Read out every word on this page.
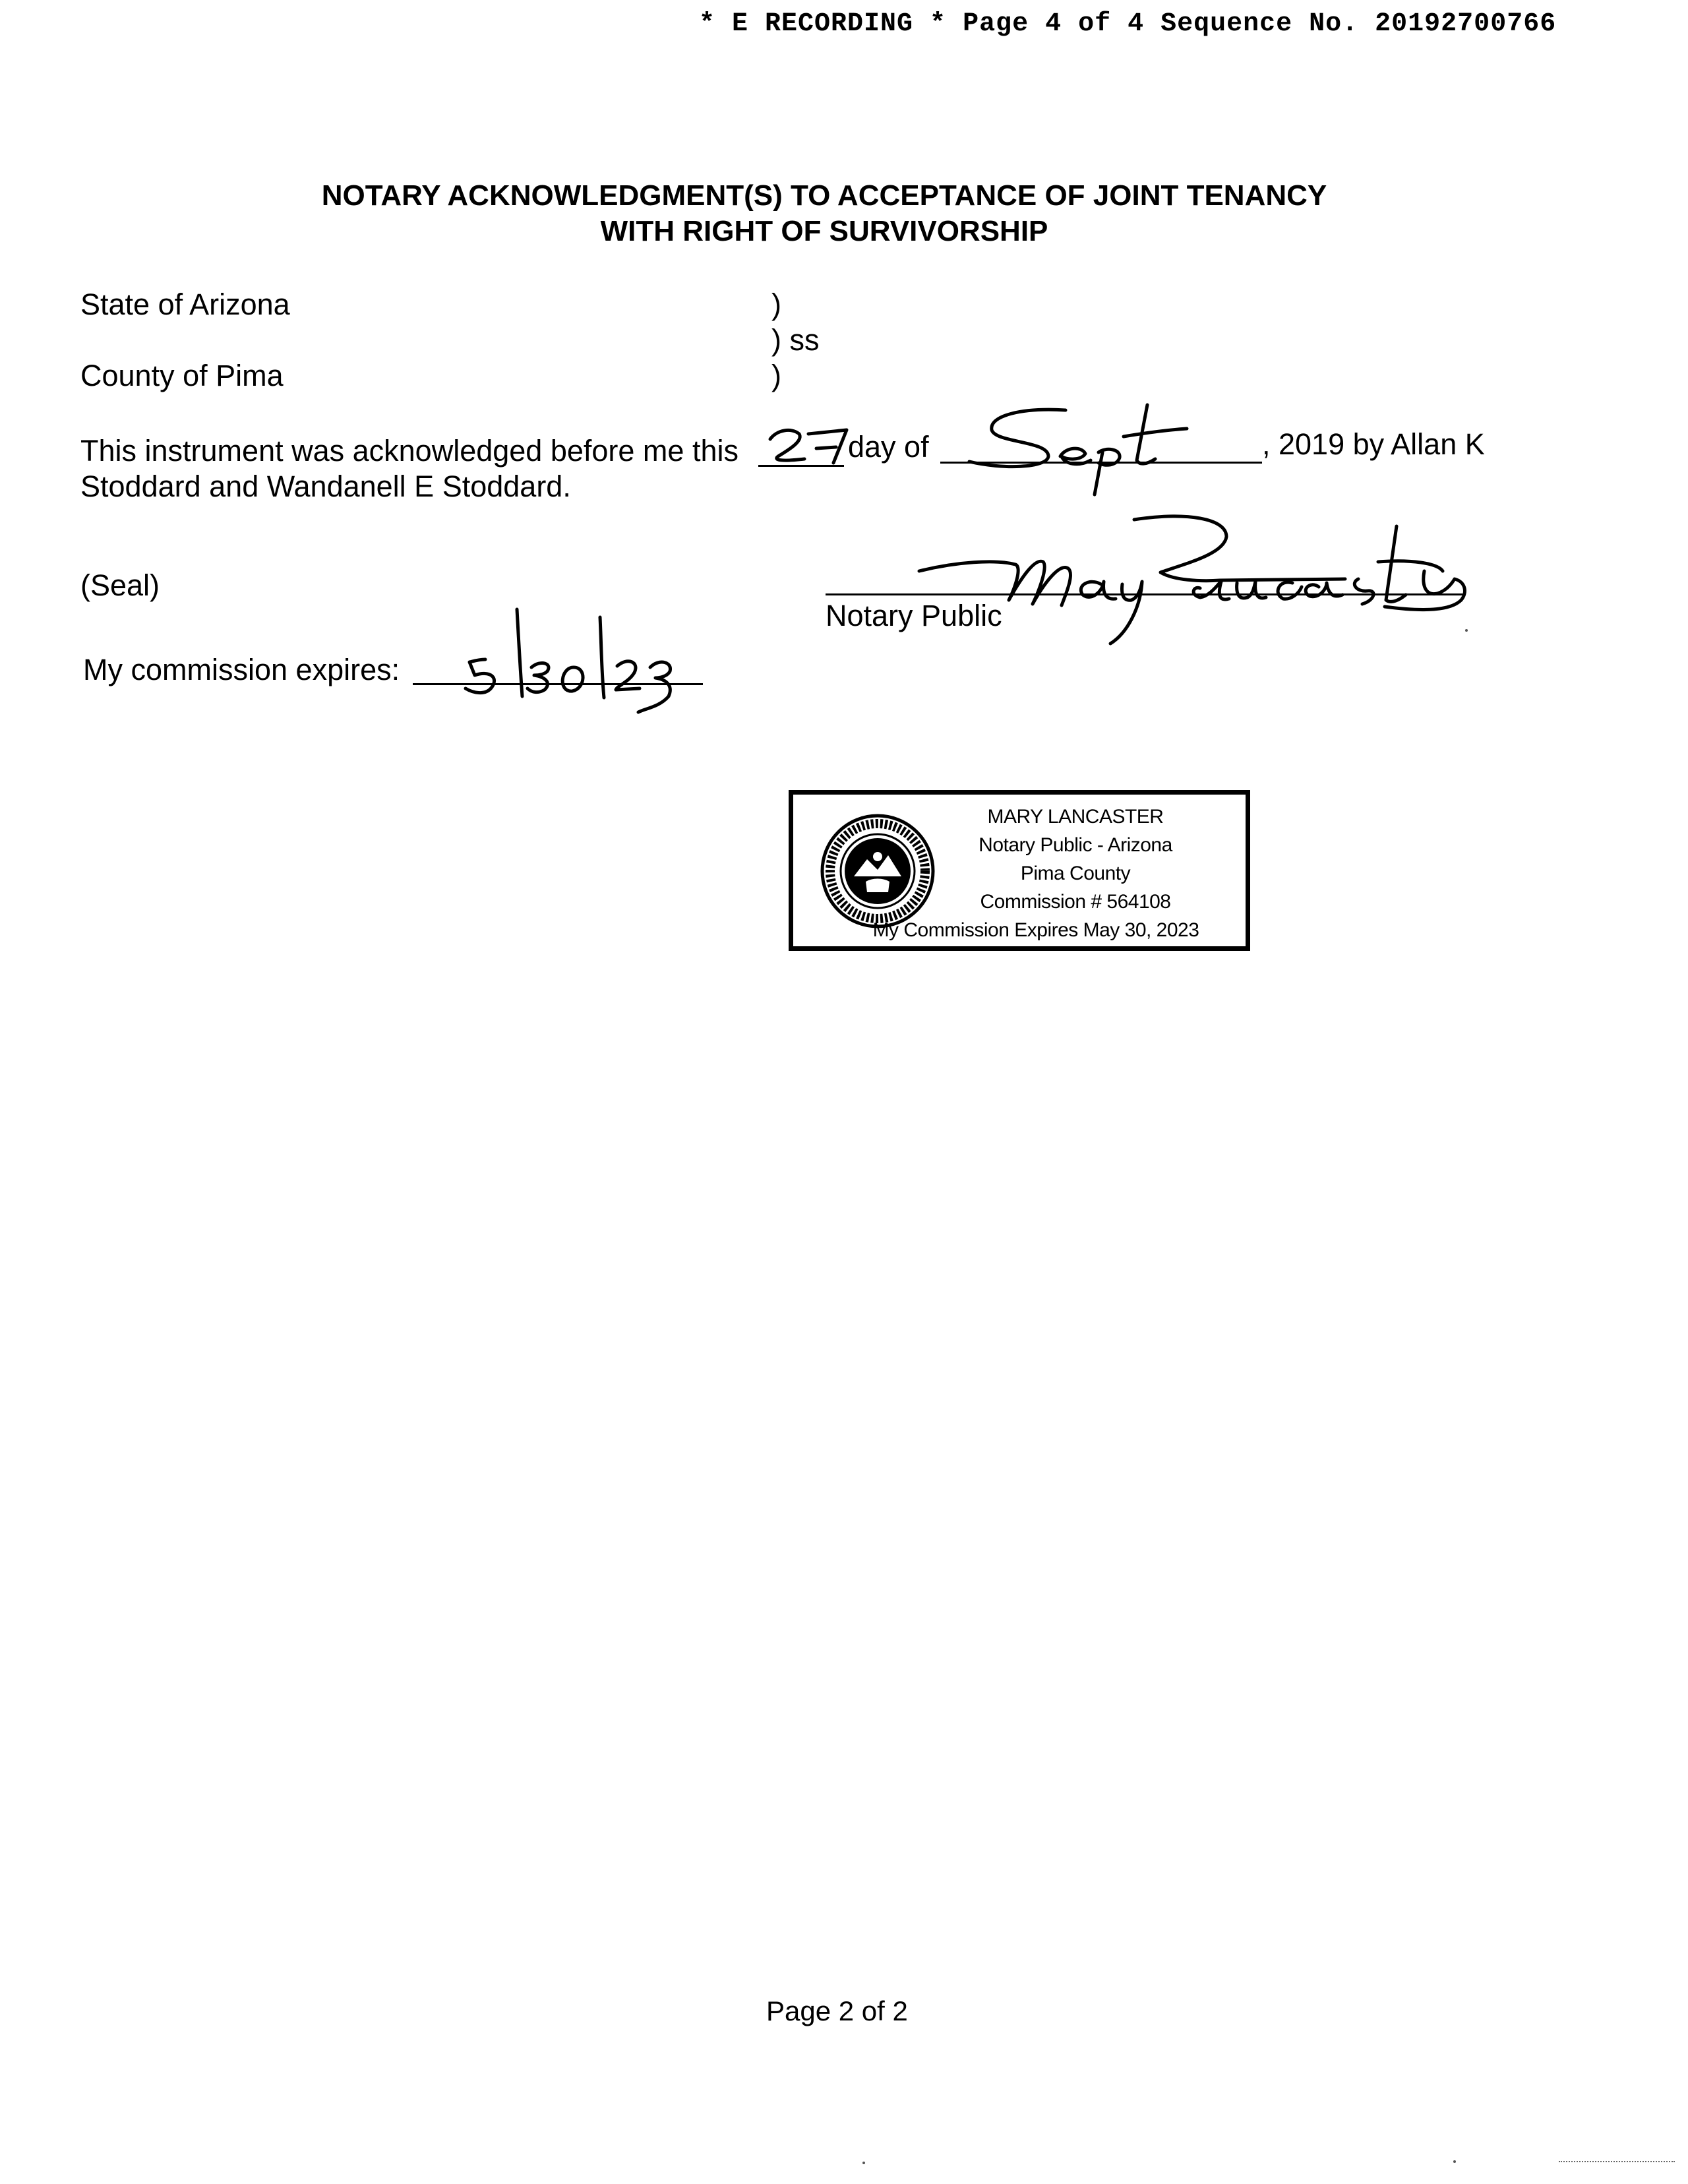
* E RECORDING * Page 4 of 4 Sequence No. 20192700766
NOTARY ACKNOWLEDGMENT(S) TO ACCEPTANCE OF JOINT TENANCY
WITH RIGHT OF SURVIVORSHIP
State of Arizona
County of Pima
)
) ss
)
This instrument was acknowledged before me this	day of	, 2019 by Allan K
Stoddard and Wandanell E Stoddard.
(Seal)
Notary Public
My commission expires:
MARY LANCASTER
Notary Public - Arizona
Pima County
Commission # 564108
My Commission Expires May 30, 2023
Page 2 of 2
